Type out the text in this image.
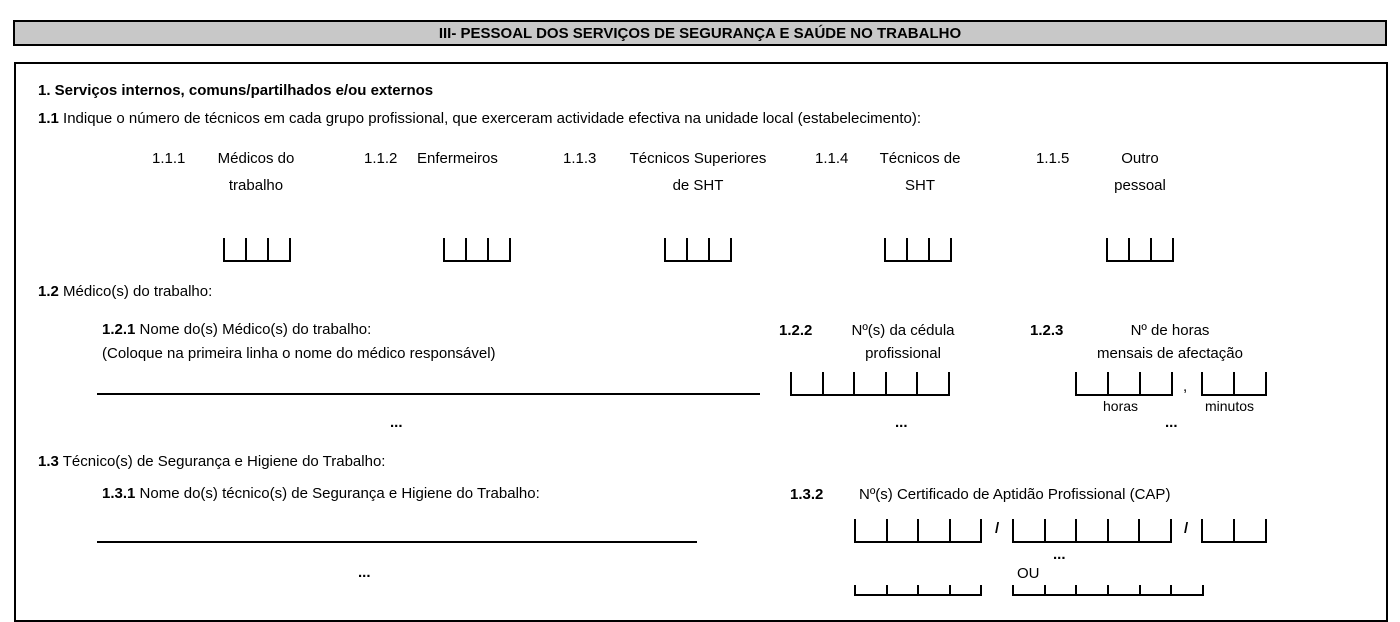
III- PESSOAL DOS SERVIÇOS DE SEGURANÇA E SAÚDE NO TRABALHO
1. Serviços internos, comuns/partilhados e/ou externos
1.1 Indique o número de técnicos em cada grupo profissional, que exerceram actividade efectiva na unidade local (estabelecimento):
1.1.1	Médicos do
trabalho
1.1.2 Enfermeiros	1.1.3	Técnicos Superiores
de SHT
1.1.4	Técnicos de
SHT
1.1.5	Outro
pessoal
1.2 Médico(s) do trabalho:
1.2.1 Nome do(s) Médico(s) do trabalho:
(Coloque na primeira linha o nome do médico responsável)
...
1.2.2	Nº(s) da cédula
profissional
...
1.2.3	Nº de horas
mensais de afectação
,
horas	minutos
...
1.3 Técnico(s) de Segurança e Higiene do Trabalho:
1.3.1 Nome do(s) técnico(s) de Segurança e Higiene do Trabalho:
...
1.3.2 Nº(s) Certificado de Aptidão Profissional (CAP)
/	/
...
OU
